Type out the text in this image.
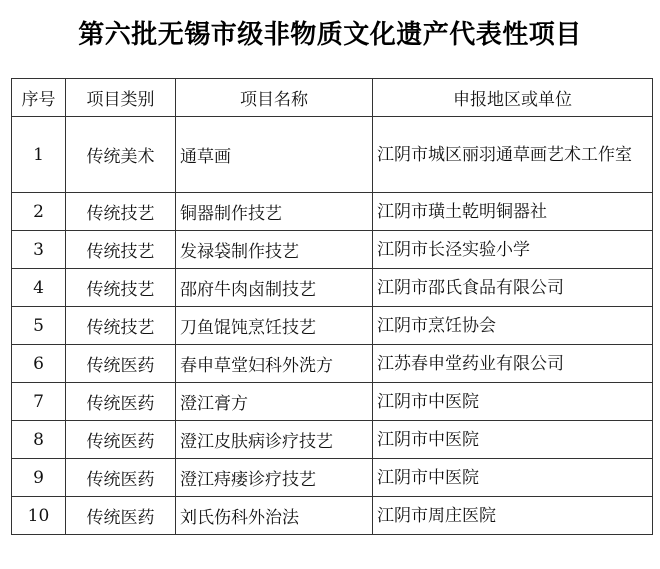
第六批无锡市级非物质文化遗产代表性项目
序号	项目类别	项目名称	申报地区或单位
1	传统美术	通草画	江阴市城区丽羽通草画艺术工作室
2	传统技艺	铜器制作技艺	江阴市璜土乾明铜器社
3	传统技艺	发禄袋制作技艺	江阴市长泾实验小学
4	传统技艺	邵府牛肉卤制技艺	江阴市邵氏食品有限公司
5	传统技艺	刀鱼馄饨烹饪技艺	江阴市烹饪协会
6	传统医药	春申草堂妇科外洗方	江苏春申堂药业有限公司
7	传统医药	澄江膏方	江阴市中医院
8	传统医药	澄江皮肤病诊疗技艺	江阴市中医院
9	传统医药	澄江痔瘘诊疗技艺	江阴市中医院
10	传统医药	刘氏伤科外治法	江阴市周庄医院
